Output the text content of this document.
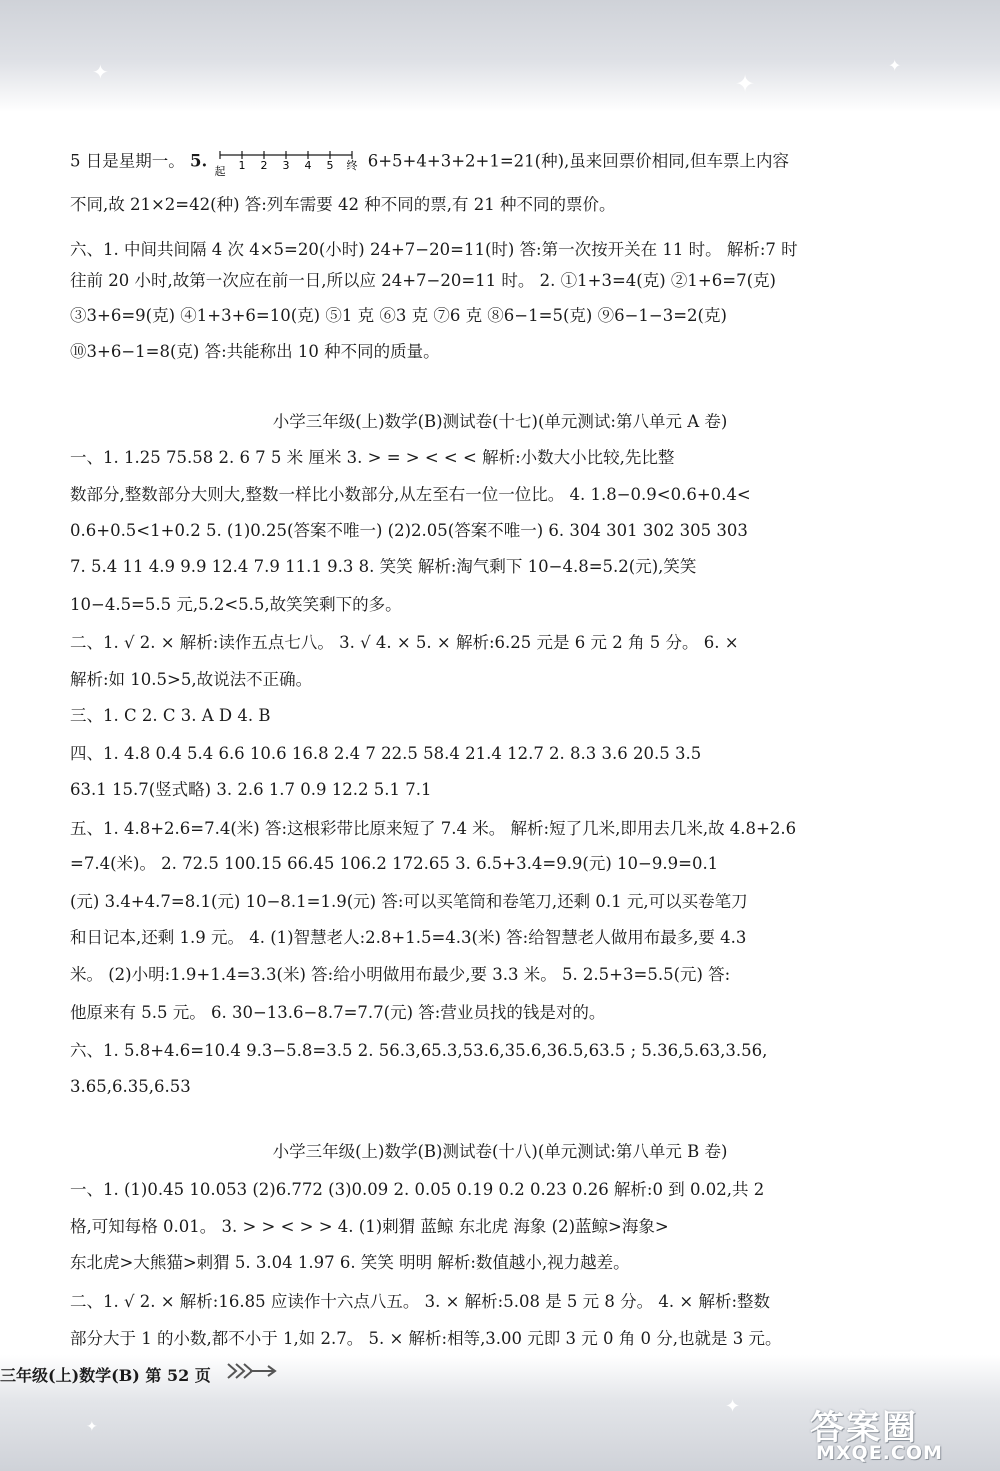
✦	✦
✦
✦
✦
5 日是星期一。 5.
起 1 2 3 4 5 终 6+5+4+3+2+1=21(种),虽来回票价相同,但车票上内容
不同,故 21×2=42(种) 答:列车需要 42 种不同的票,有 21 种不同的票价。
六、1. 中间共间隔 4 次 4×5=20(小时) 24+7−20=11(时) 答:第一次按开关在 11 时。 解析:7 时
往前 20 小时,故第一次应在前一日,所以应 24+7−20=11 时。 2. ①1+3=4(克) ②1+6=7(克)
③3+6=9(克) ④1+3+6=10(克) ⑤1 克 ⑥3 克 ⑦6 克 ⑧6−1=5(克) ⑨6−1−3=2(克)
⑩3+6−1=8(克) 答:共能称出 10 种不同的质量。
小学三年级(上)数学(B)测试卷(十七)(单元测试:第八单元 A 卷)
一、1. 1.25 75.58 2. 6 7 5 米 厘米 3. > = > < < < 解析:小数大小比较,先比整
数部分,整数部分大则大,整数一样比小数部分,从左至右一位一位比。 4. 1.8−0.9<0.6+0.4<
0.6+0.5<1+0.2 5. (1)0.25(答案不唯一) (2)2.05(答案不唯一) 6. 304 301 302 305 303
7. 5.4 11 4.9 9.9 12.4 7.9 11.1 9.3 8. 笑笑 解析:淘气剩下 10−4.8=5.2(元),笑笑
10−4.5=5.5 元,5.2<5.5,故笑笑剩下的多。
二、1. √ 2. × 解析:读作五点七八。 3. √ 4. × 5. × 解析:6.25 元是 6 元 2 角 5 分。 6. ×
解析:如 10.5>5,故说法不正确。
三、1. C 2. C 3. A D 4. B
四、1. 4.8 0.4 5.4 6.6 10.6 16.8 2.4 7 22.5 58.4 21.4 12.7 2. 8.3 3.6 20.5 3.5
63.1 15.7(竖式略) 3. 2.6 1.7 0.9 12.2 5.1 7.1
五、1. 4.8+2.6=7.4(米) 答:这根彩带比原来短了 7.4 米。 解析:短了几米,即用去几米,故 4.8+2.6
=7.4(米)。 2. 72.5 100.15 66.45 106.2 172.65 3. 6.5+3.4=9.9(元) 10−9.9=0.1
(元) 3.4+4.7=8.1(元) 10−8.1=1.9(元) 答:可以买笔筒和卷笔刀,还剩 0.1 元,可以买卷笔刀
和日记本,还剩 1.9 元。 4. (1)智慧老人:2.8+1.5=4.3(米) 答:给智慧老人做用布最多,要 4.3
米。 (2)小明:1.9+1.4=3.3(米) 答:给小明做用布最少,要 3.3 米。 5. 2.5+3=5.5(元) 答:
他原来有 5.5 元。 6. 30−13.6−8.7=7.7(元) 答:营业员找的钱是对的。
六、1. 5.8+4.6=10.4 9.3−5.8=3.5 2. 56.3,65.3,53.6,35.6,36.5,63.5 ; 5.36,5.63,3.56,
3.65,6.35,6.53
小学三年级(上)数学(B)测试卷(十八)(单元测试:第八单元 B 卷)
一、1. (1)0.45 10.053 (2)6.772 (3)0.09 2. 0.05 0.19 0.2 0.23 0.26 解析:0 到 0.02,共 2
格,可知每格 0.01。 3. > > < > > 4. (1)刺猬 蓝鲸 东北虎 海象 (2)蓝鲸>海象>
东北虎>大熊猫>刺猬 5. 3.04 1.97 6. 笑笑 明明 解析:数值越小,视力越差。
二、1. √ 2. × 解析:16.85 应读作十六点八五。 3. × 解析:5.08 是 5 元 8 分。 4. × 解析:整数
部分大于 1 的小数,都不小于 1,如 2.7。 5. × 解析:相等,3.00 元即 3 元 0 角 0 分,也就是 3 元。
三年级(上)数学(B) 第 52 页
答案圈
MXQE.COM
